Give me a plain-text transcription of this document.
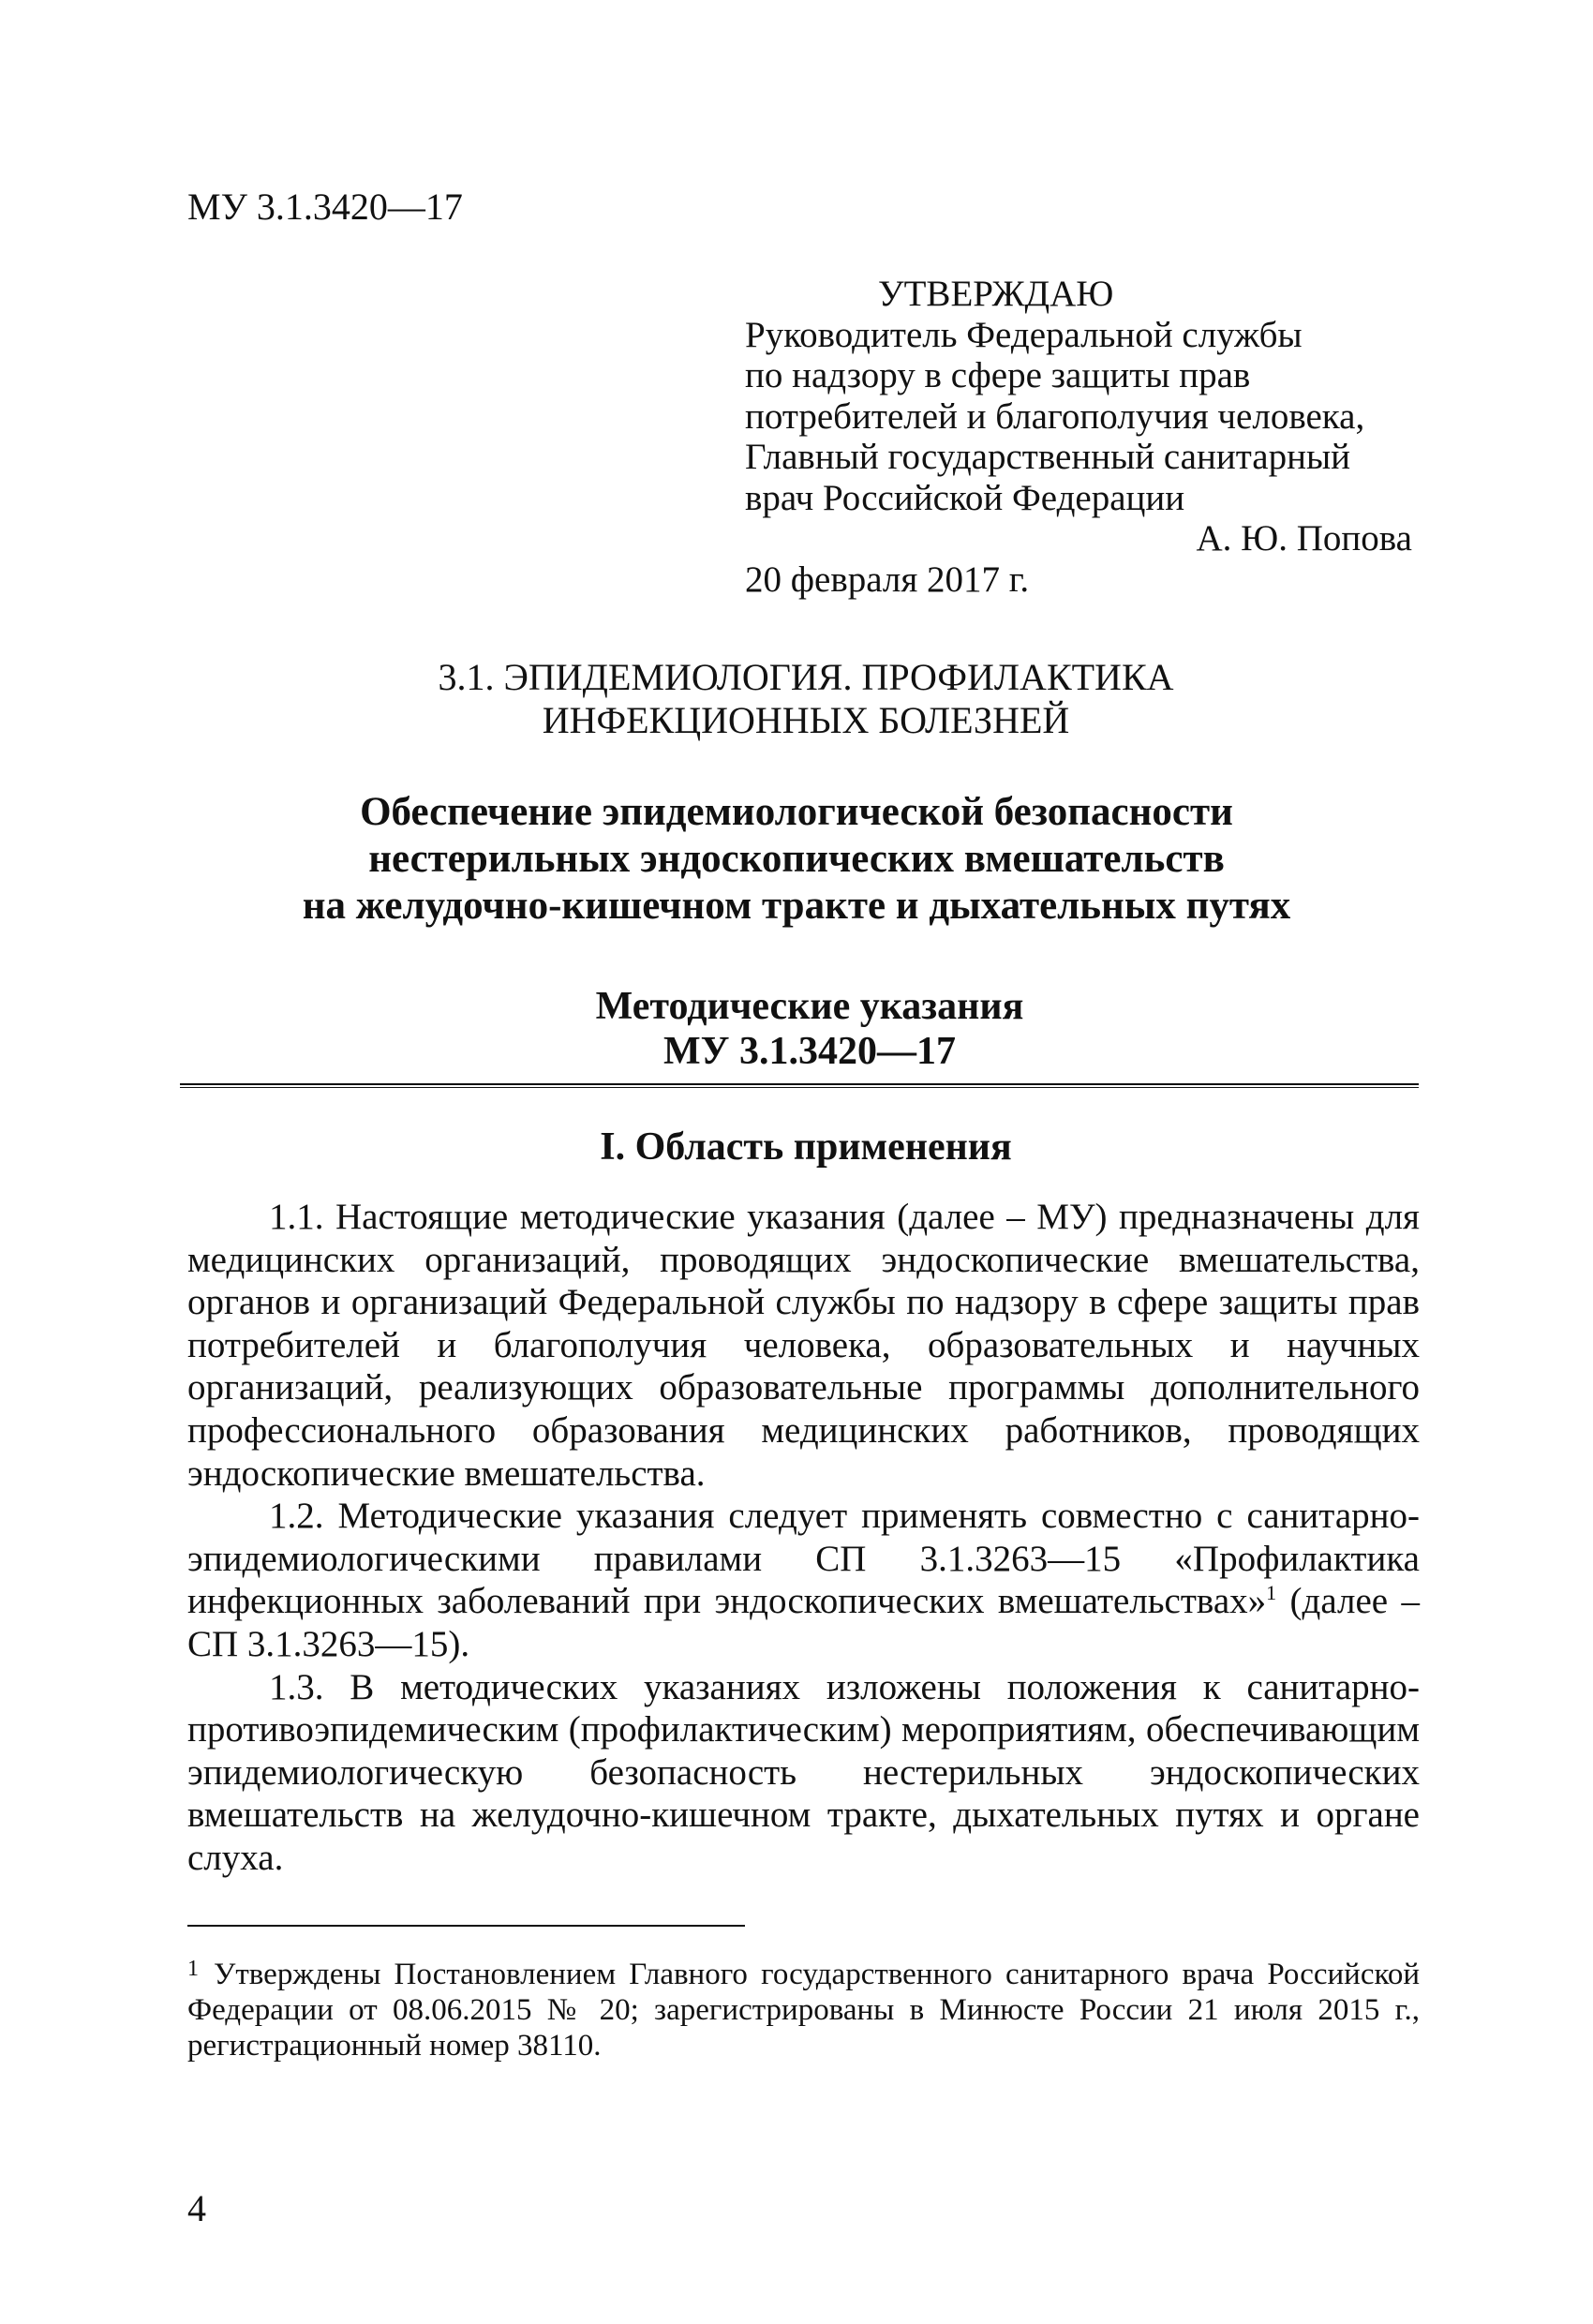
МУ 3.1.3420—17
УТВЕРЖДАЮ
Руководитель Федеральной службы
по надзору в сфере защиты прав
потребителей и благополучия человека,
Главный государственный санитарный
врач Российской Федерации
А. Ю. Попова
20 февраля 2017 г.
3.1. ЭПИДЕМИОЛОГИЯ. ПРОФИЛАКТИКА
ИНФЕКЦИОННЫХ БОЛЕЗНЕЙ
Обеспечение эпидемиологической безопасности
нестерильных эндоскопических вмешательств
на желудочно-кишечном тракте и дыхательных путях
Методические указания
МУ 3.1.3420—17
I. Область применения

1.1. Настоящие методические указания (далее – МУ) предназначены для медицинских организаций, проводящих эндоскопические вмешательства, органов и организаций Федеральной службы по надзору в сфере защиты прав потребителей и благополучия человека, образовательных и научных организаций, реализующих образовательные программы дополнительного профессионального образования медицинских работников, проводящих эндоскопические вмешательства.

1.2. Методические указания следует применять совместно с санитарно-эпидемиологическими правилами СП 3.1.3263—15 «Профилактика инфекционных заболеваний при эндоскопических вмешательствах»$^1$ (далее – СП 3.1.3263—15).

1.3. В методических указаниях изложены положения к санитарно-противоэпидемическим (профилактическим) мероприятиям, обеспечивающим эпидемиологическую безопасность нестерильных эндоскопических вмешательств на желудочно-кишечном тракте, дыхательных путях и органе слуха.

1 Утверждены Постановлением Главного государственного санитарного врача Российской Федерации от 08.06.2015 № 20; зарегистрированы в Минюсте России 21 июля 2015 г., регистрационный номер 38110.

4
